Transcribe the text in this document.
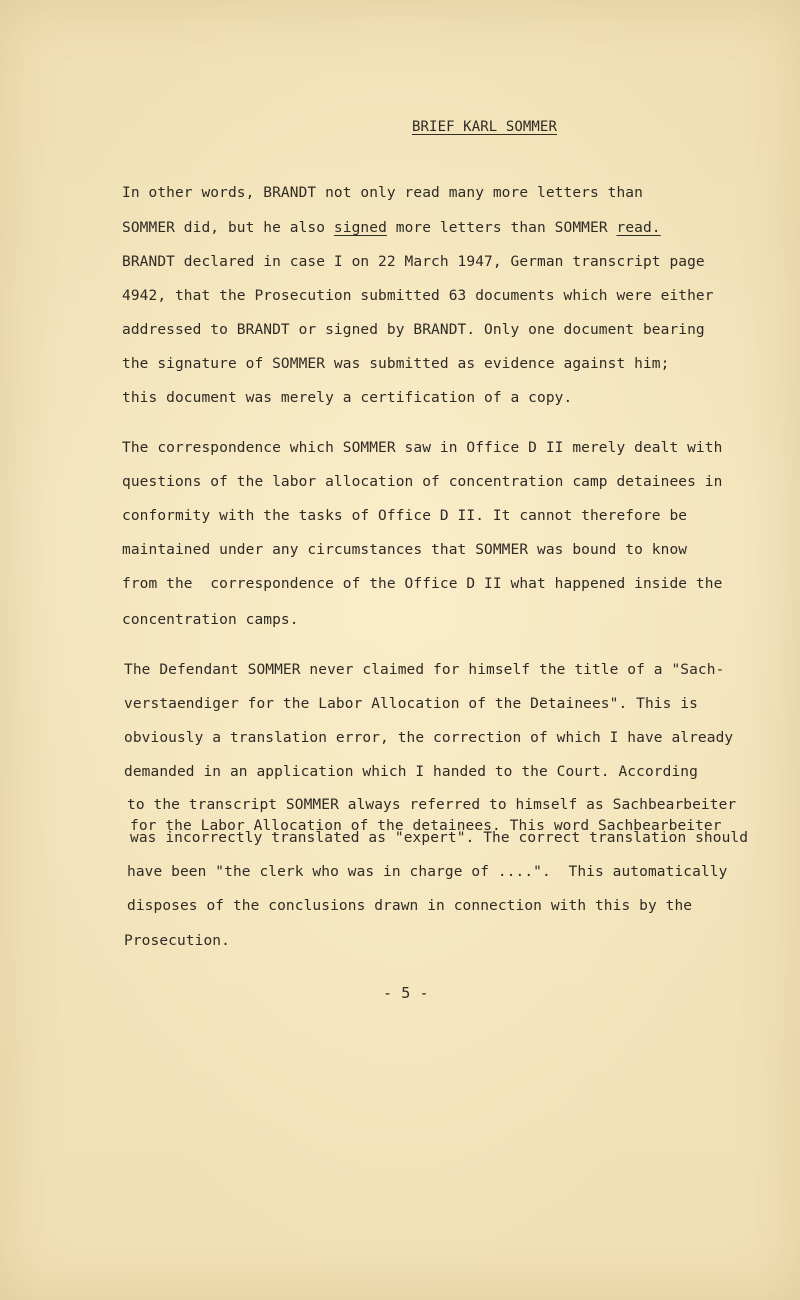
BRIEF KARL SOMMER
In other words, BRANDT not only read many more letters than
SOMMER did, but he also signed more letters than SOMMER read.
BRANDT declared in case I on 22 March 1947, German transcript page
4942, that the Prosecution submitted 63 documents which were either
addressed to BRANDT or signed by BRANDT. Only one document bearing
the signature of SOMMER was submitted as evidence against him;
this document was merely a certification of a copy.
The correspondence which SOMMER saw in Office D II merely dealt with
questions of the labor allocation of concentration camp detainees in
conformity with the tasks of Office D II. It cannot therefore be
maintained under any circumstances that SOMMER was bound to know
from the  correspondence of the Office D II what happened inside the
concentration camps.
The Defendant SOMMER never claimed for himself the title of a "Sach-
verstaendiger for the Labor Allocation of the Detainees". This is
obviously a translation error, the correction of which I have already
demanded in an application which I handed to the Court. According
to the transcript SOMMER always referred to himself as Sachbearbeiter
for the Labor Allocation of the detainees. This word Sachbearbeiter
was incorrectly translated as "expert". The correct translation should
have been "the clerk who was in charge of ....".  This automatically
disposes of the conclusions drawn in connection with this by the
Prosecution.
- 5 -
